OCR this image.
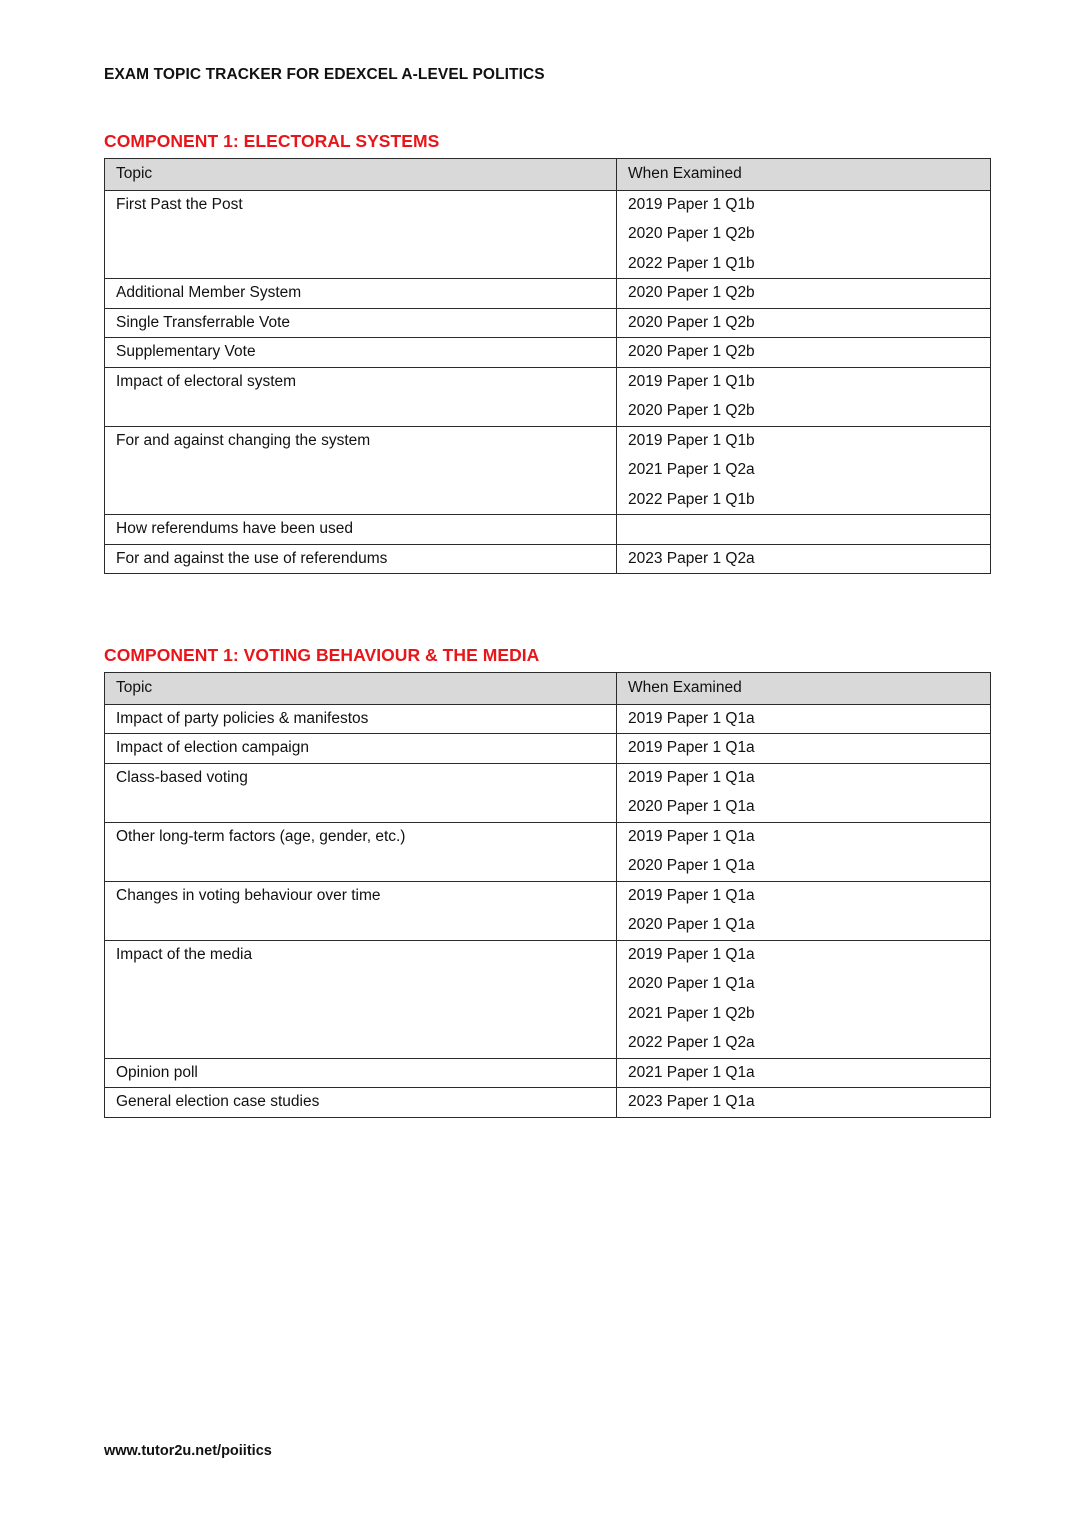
EXAM TOPIC TRACKER FOR EDEXCEL A-LEVEL POLITICS
COMPONENT 1: ELECTORAL SYSTEMS
Topic	When Examined
First Past the Post	2019 Paper 1 Q1b
2020 Paper 1 Q2b
2022 Paper 1 Q1b

Additional Member System	2020 Paper 1 Q2b

Single Transferrable Vote	2020 Paper 1 Q2b

Supplementary Vote	2020 Paper 1 Q2b

Impact of electoral system	2019 Paper 1 Q1b
2020 Paper 1 Q2b

For and against changing the system	2019 Paper 1 Q1b
2021 Paper 1 Q2a
2022 Paper 1 Q1b

How referendums have been used	
For and against the use of referendums	2023 Paper 1 Q2a
COMPONENT 1: VOTING BEHAVIOUR & THE MEDIA
Topic	When Examined
Impact of party policies & manifestos	2019 Paper 1 Q1a

Impact of election campaign	2019 Paper 1 Q1a

Class-based voting	2019 Paper 1 Q1a
2020 Paper 1 Q1a

Other long-term factors (age, gender, etc.)	2019 Paper 1 Q1a
2020 Paper 1 Q1a

Changes in voting behaviour over time	2019 Paper 1 Q1a
2020 Paper 1 Q1a

Impact of the media	2019 Paper 1 Q1a
2020 Paper 1 Q1a
2021 Paper 1 Q2b
2022 Paper 1 Q2a

Opinion poll	2021 Paper 1 Q1a

General election case studies	2023 Paper 1 Q1a
www.tutor2u.net/poiitics
